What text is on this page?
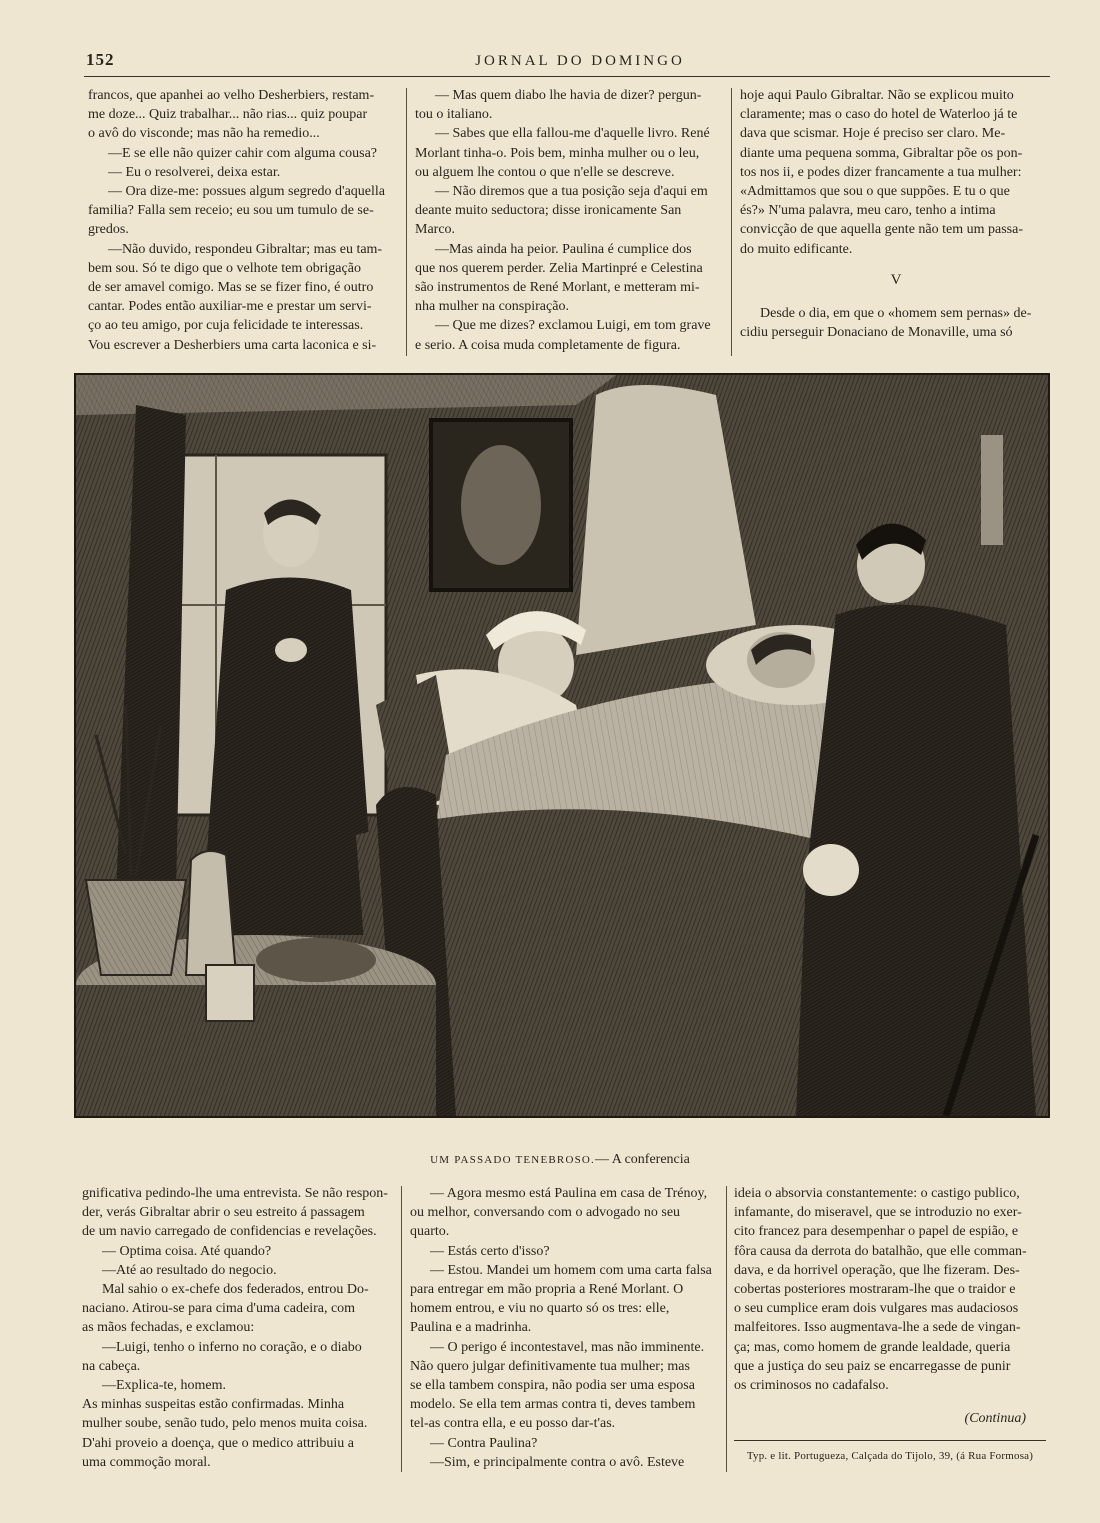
152	JORNAL DO DOMINGO

francos, que apanhei ao velho Desherbiers, restam-

me doze... Quiz trabalhar... não rias... quiz poupar

o avô do visconde; mas não ha remedio...

—E se elle não quizer cahir com alguma cousa?

— Eu o resolverei, deixa estar.

— Ora dize-me: possues algum segredo d'aquella

familia? Falla sem receio; eu sou um tumulo de se-

gredos.

—Não duvido, respondeu Gibraltar; mas eu tam-

bem sou. Só te digo que o velhote tem obrigação

de ser amavel comigo. Mas se se fizer fino, é outro

cantar. Podes então auxiliar-me e prestar um servi-

ço ao teu amigo, por cuja felicidade te interessas.

Vou escrever a Desherbiers uma carta laconica e si-

— Mas quem diabo lhe havia de dizer? pergun-

tou o italiano.

— Sabes que ella fallou-me d'aquelle livro. René

Morlant tinha-o. Pois bem, minha mulher ou o leu,

ou alguem lhe contou o que n'elle se descreve.

— Não diremos que a tua posição seja d'aqui em

deante muito seductora; disse ironicamente San

Marco.

—Mas ainda ha peior. Paulina é cumplice dos

que nos querem perder. Zelia Martinpré e Celestina

são instrumentos de René Morlant, e metteram mi-

nha mulher na conspiração.

— Que me dizes? exclamou Luigi, em tom grave

e serio. A coisa muda completamente de figura.

hoje aqui Paulo Gibraltar. Não se explicou muito

claramente; mas o caso do hotel de Waterloo já te

dava que scismar. Hoje é preciso ser claro. Me-

diante uma pequena somma, Gibraltar põe os pon-

tos nos ii, e podes dizer francamente a tua mulher:

«Admittamos que sou o que suppões. E tu o que

és?» N'uma palavra, meu caro, tenho a intima

convicção de que aquella gente não tem um passa-

do muito edificante.

V

Desde o dia, em que o «homem sem pernas» de-

cidiu perseguir Donaciano de Monaville, uma só

UM PASSADO TENEBROSO.— A conferencia

gnificativa pedindo-lhe uma entrevista. Se não respon-

der, verás Gibraltar abrir o seu estreito á passagem

de um navio carregado de confidencias e revelações.

— Optima coisa. Até quando?

—Até ao resultado do negocio.

Mal sahio o ex-chefe dos federados, entrou Do-

naciano. Atirou-se para cima d'uma cadeira, com

as mãos fechadas, e exclamou:

—Luigi, tenho o inferno no coração, e o diabo

na cabeça.

—Explica-te, homem.

As minhas suspeitas estão confirmadas. Minha

mulher soube, senão tudo, pelo menos muita coisa.

D'ahi proveio a doença, que o medico attribuiu a

uma commoção moral.

— Agora mesmo está Paulina em casa de Trénoy,

ou melhor, conversando com o advogado no seu

quarto.

— Estás certo d'isso?

— Estou. Mandei um homem com uma carta falsa

para entregar em mão propria a René Morlant. O

homem entrou, e viu no quarto só os tres: elle,

Paulina e a madrinha.

— O perigo é incontestavel, mas não imminente.

Não quero julgar definitivamente tua mulher; mas

se ella tambem conspira, não podia ser uma esposa

modelo. Se ella tem armas contra ti, deves tambem

tel-as contra ella, e eu posso dar-t'as.

— Contra Paulina?

—Sim, e principalmente contra o avô. Esteve

ideia o absorvia constantemente: o castigo publico,

infamante, do miseravel, que se introduzio no exer-

cito francez para desempenhar o papel de espião, e

fôra causa da derrota do batalhão, que elle comman-

dava, e da horrivel operação, que lhe fizeram. Des-

cobertas posteriores mostraram-lhe que o traidor e

o seu cumplice eram dois vulgares mas audaciosos

malfeitores. Isso augmentava-lhe a sede de vingan-

ça; mas, como homem de grande lealdade, queria

que a justiça do seu paiz se encarregasse de punir

os criminosos no cadafalso.

(Continua)
Typ. e lit. Portugueza, Calçada do Tijolo, 39, (á Rua Formosa)
